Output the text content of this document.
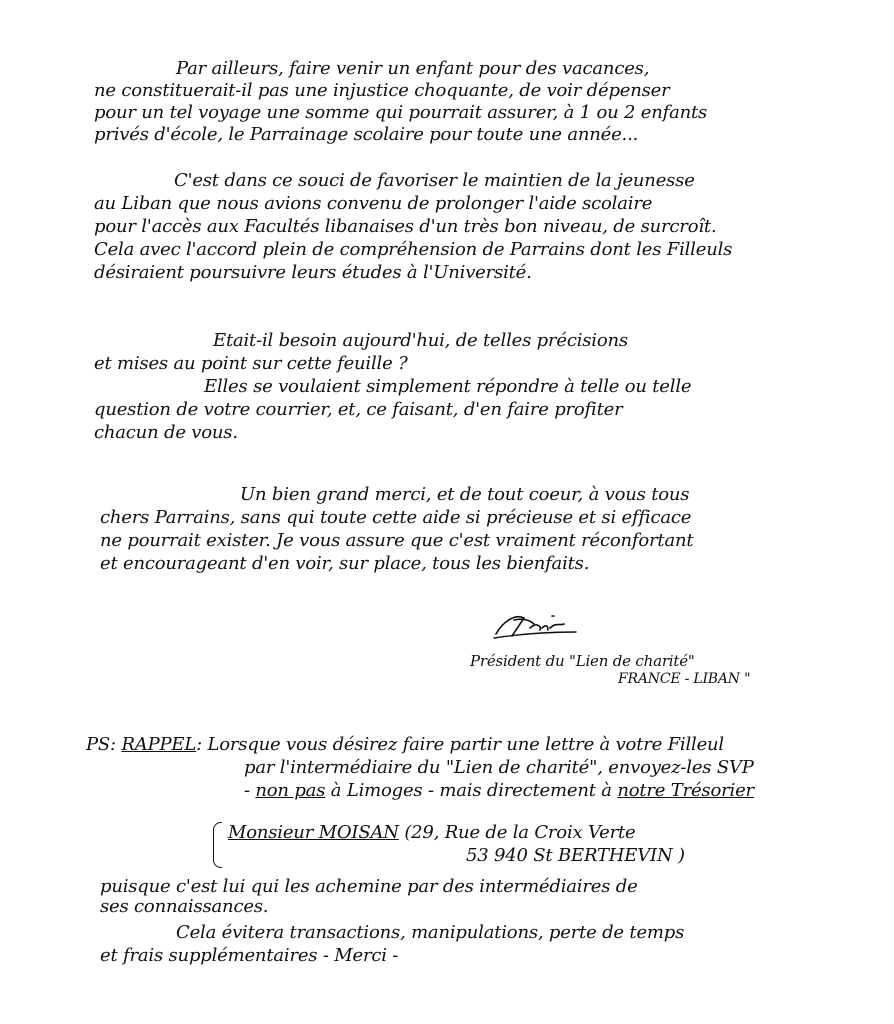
Par ailleurs, faire venir un enfant pour des vacances,
ne constituerait-il pas une injustice choquante, de voir dépenser
pour un tel voyage une somme qui pourrait assurer, à 1 ou 2 enfants
privés d'école, le Parrainage scolaire pour toute une année...
C'est dans ce souci de favoriser le maintien de la jeunesse
au Liban que nous avions convenu de prolonger l'aide scolaire
pour l'accès aux Facultés libanaises d'un très bon niveau, de surcroît.
Cela avec l'accord plein de compréhension de Parrains dont les Filleuls
désiraient poursuivre leurs études à l'Université.
Etait-il besoin aujourd'hui, de telles précisions
et mises au point sur cette feuille ?
Elles se voulaient simplement répondre à telle ou telle
question de votre courrier, et, ce faisant, d'en faire profiter
chacun de vous.
Un bien grand merci, et de tout coeur, à vous tous
chers Parrains, sans qui toute cette aide si précieuse et si efficace
ne pourrait exister. Je vous assure que c'est vraiment réconfortant
et encourageant d'en voir, sur place, tous les bienfaits.
Président du "Lien de charité"
FRANCE - LIBAN "
PS: RAPPEL: Lorsque vous désirez faire partir une lettre à votre Filleul
par l'intermédiaire du "Lien de charité", envoyez-les SVP
- non pas à Limoges - mais directement à notre Trésorier
Monsieur MOISAN (29, Rue de la Croix Verte
53 940 St BERTHEVIN )
puisque c'est lui qui les achemine par des intermédiaires de
ses connaissances.
Cela évitera transactions, manipulations, perte de temps
et frais supplémentaires - Merci -
